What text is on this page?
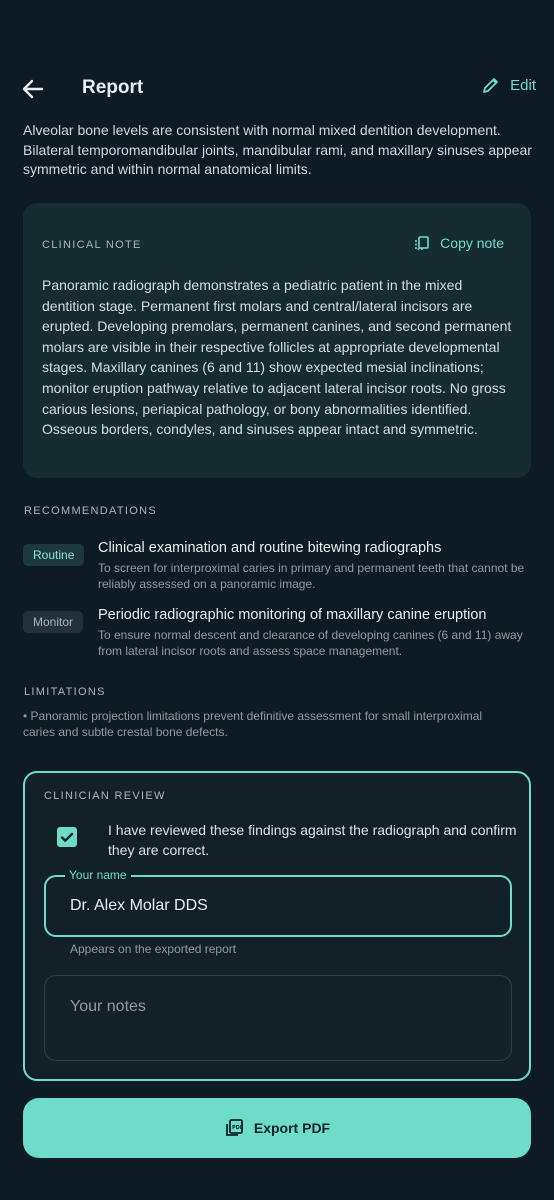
Report	Edit

Alveolar bone levels are consistent with normal mixed dentition development. Bilateral temporomandibular joints, mandibular rami, and maxillary sinuses appear symmetric and within normal anatomical limits.

CLINICAL NOTE	Copy note

Panoramic radiograph demonstrates a pediatric patient in the mixed dentition stage. Permanent first molars and central/lateral incisors are erupted. Developing premolars, permanent canines, and second permanent molars are visible in their respective follicles at appropriate developmental stages. Maxillary canines (6 and 11) show expected mesial inclinations; monitor eruption pathway relative to adjacent lateral incisor roots. No gross carious lesions, periapical pathology, or bony abnormalities identified. Osseous borders, condyles, and sinuses appear intact and symmetric.

RECOMMENDATIONS
Routine	Clinical examination and routine bitewing radiographs
To screen for interproximal caries in primary and permanent teeth that cannot be reliably assessed on a panoramic image.
Monitor	Periodic radiographic monitoring of maxillary canine eruption
To ensure normal descent and clearance of developing canines (6 and 11) away from lateral incisor roots and assess space management.
LIMITATIONS

• Panoramic projection limitations prevent definitive assessment for small interproximal caries and subtle crestal bone defects.

CLINICIAN REVIEW

I have reviewed these findings against the radiograph and confirm they are correct.

Your name
Dr. Alex Molar DDS
Appears on the exported report
Your notes
PDF Export PDF
